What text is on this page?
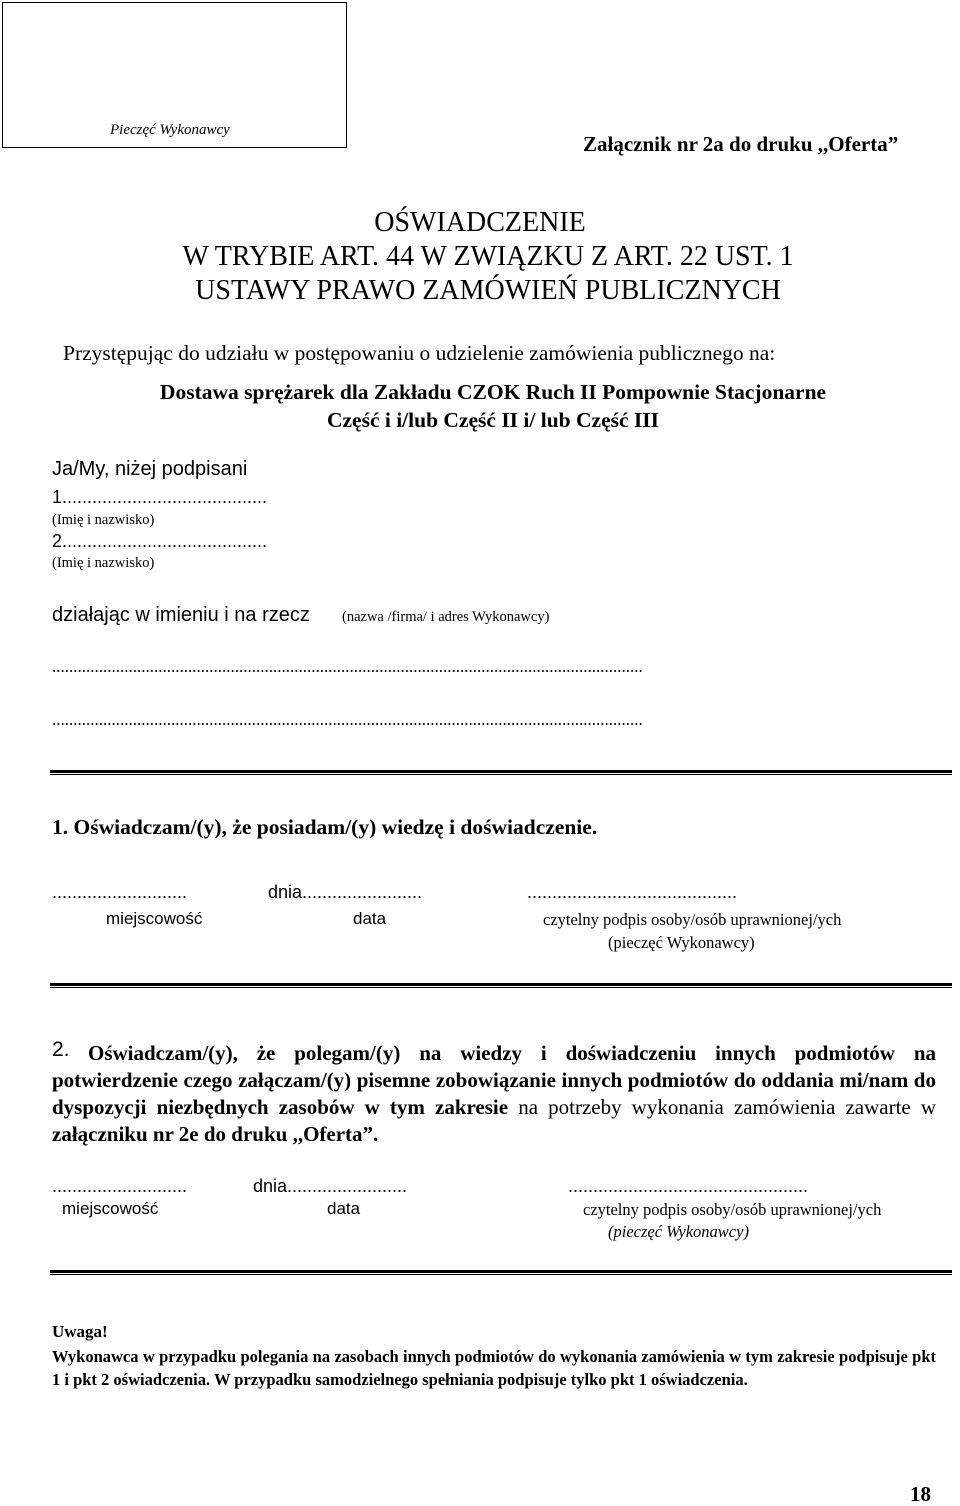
Pieczęć Wykonawcy
Załącznik nr 2a do druku ,,Oferta”
OŚWIADCZENIE
W TRYBIE ART. 44 W ZWIĄZKU Z ART. 22 UST. 1
USTAWY PRAWO ZAMÓWIEŃ PUBLICZNYCH
Przystępując do udziału w postępowaniu o udzielenie zamówienia publicznego na:
Dostawa sprężarek dla Zakładu CZOK Ruch II Pompownie Stacjonarne
Część i i/lub Część II i/ lub Część III
Ja/My, niżej podpisani
1.........................................
(Imię i nazwisko)
2.........................................
(Imię i nazwisko)
działając w imieniu i na rzecz (nazwa /firma/ i adres Wykonawcy)
...........................................................................................................................................
...........................................................................................................................................
1. Oświadczam/(y), że posiadam/(y) wiedzę i doświadczenie.
...........................	dnia........................	..........................................
miejscowość	data	czytelny podpis osoby/osób uprawnionej/ych
(pieczęć Wykonawcy)
2. Oświadczam/(y), że polegam/(y) na wiedzy i doświadczeniu innych podmiotów na potwierdzenie czego załączam/(y) pisemne zobowiązanie innych podmiotów do oddania mi/nam do dyspozycji niezbędnych zasobów w tym zakresie na potrzeby wykonania zamówienia zawarte w załączniku nr 2e do druku ,,Oferta”.
...........................	dnia........................	................................................
miejscowość	data	czytelny podpis osoby/osób uprawnionej/ych
(pieczęć Wykonawcy)
Uwaga!
Wykonawca w przypadku polegania na zasobach innych podmiotów do wykonania zamówienia w tym zakresie podpisuje pkt 1 i pkt 2 oświadczenia. W przypadku samodzielnego spełniania podpisuje tylko pkt 1 oświadczenia.
18
